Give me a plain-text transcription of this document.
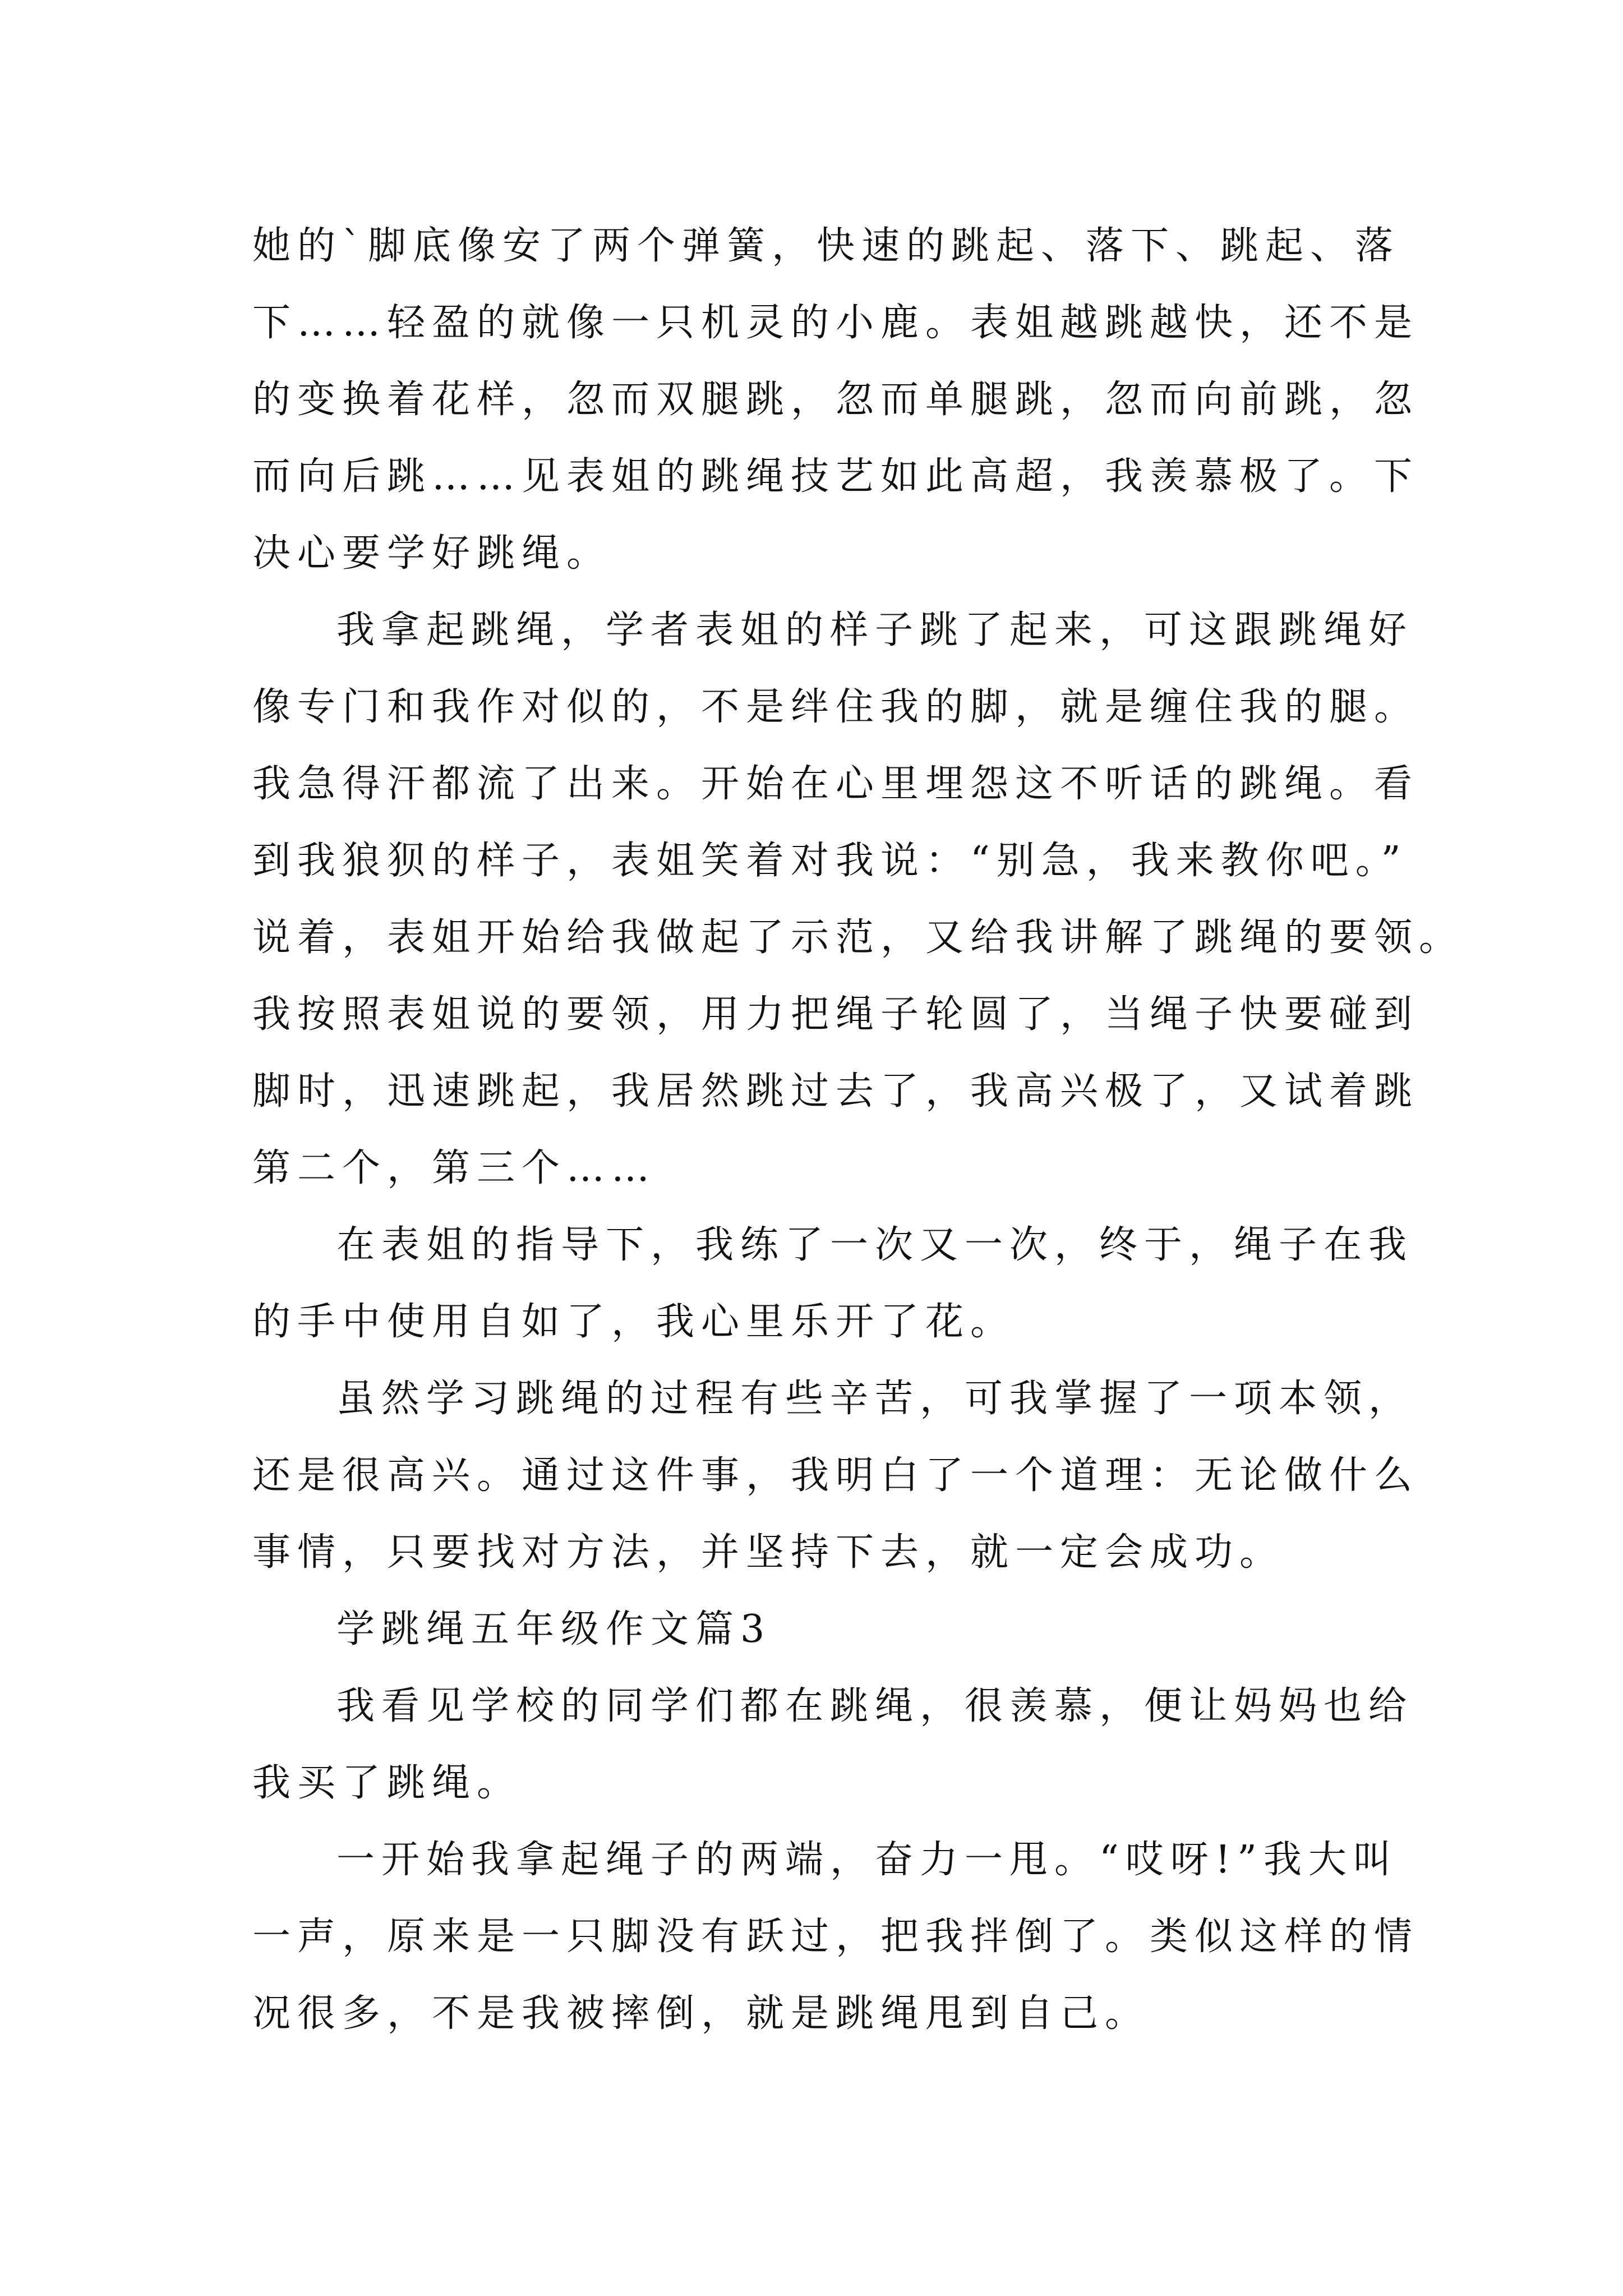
她的`脚底像安了两个弹簧，快速的跳起、落下、跳起、落
下……轻盈的就像一只机灵的小鹿。表姐越跳越快，还不是
的变换着花样，忽而双腿跳，忽而单腿跳，忽而向前跳，忽
而向后跳……见表姐的跳绳技艺如此高超，我羡慕极了。下
决心要学好跳绳。

我拿起跳绳，学者表姐的样子跳了起来，可这跟跳绳好
像专门和我作对似的，不是绊住我的脚，就是缠住我的腿。
我急得汗都流了出来。开始在心里埋怨这不听话的跳绳。看
到我狼狈的样子，表姐笑着对我说：“别急，我来教你吧。”
说着，表姐开始给我做起了示范，又给我讲解了跳绳的要领。
我按照表姐说的要领，用力把绳子轮圆了，当绳子快要碰到
脚时，迅速跳起，我居然跳过去了，我高兴极了，又试着跳
第二个，第三个……

在表姐的指导下，我练了一次又一次，终于，绳子在我
的手中使用自如了，我心里乐开了花。

虽然学习跳绳的过程有些辛苦，可我掌握了一项本领，
还是很高兴。通过这件事，我明白了一个道理：无论做什么
事情，只要找对方法，并坚持下去，就一定会成功。

学跳绳五年级作文篇3

我看见学校的同学们都在跳绳，很羡慕，便让妈妈也给
我买了跳绳。

一开始我拿起绳子的两端，奋力一甩。“哎呀!”我大叫
一声，原来是一只脚没有跃过，把我拌倒了。类似这样的情
况很多，不是我被摔倒，就是跳绳甩到自己。
